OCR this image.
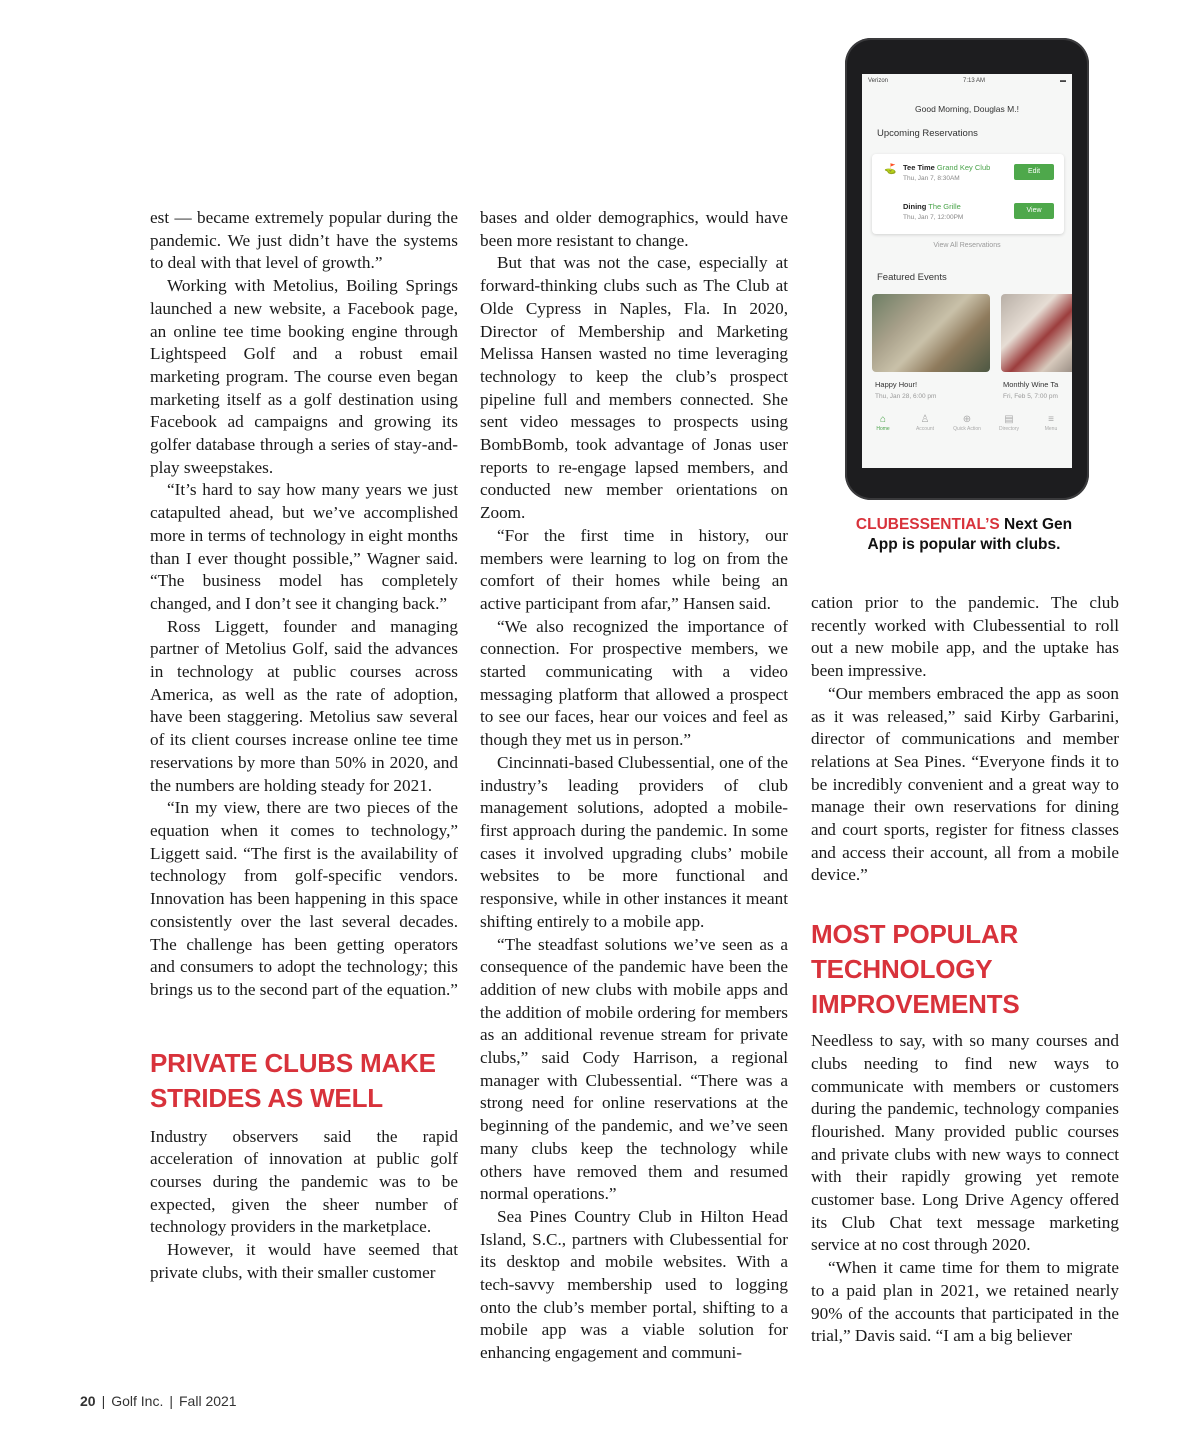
est — became extremely popular during the pandemic. We just didn’t have the systems to deal with that level of growth.”

Working with Metolius, Boiling Springs launched a new website, a Facebook page, an online tee time booking engine through Lightspeed Golf and a robust email marketing program. The course even began marketing itself as a golf destination using Facebook ad campaigns and growing its golfer database through a series of stay-and-play sweepstakes.

“It’s hard to say how many years we just catapulted ahead, but we’ve accomplished more in terms of technology in eight months than I ever thought possible,” Wagner said. “The business model has completely changed, and I don’t see it changing back.”

Ross Liggett, founder and managing partner of Metolius Golf, said the advances in technology at public courses across America, as well as the rate of adoption, have been staggering. Metolius saw several of its client courses increase online tee time reservations by more than 50% in 2020, and the numbers are holding steady for 2021.

“In my view, there are two pieces of the equation when it comes to technology,” Liggett said. “The first is the availability of technology from golf-specific vendors. Innovation has been happening in this space consistently over the last several decades. The challenge has been getting operators and consumers to adopt the technology; this brings us to the second part of the equation.”

PRIVATE CLUBS MAKE STRIDES AS WELL

Industry observers said the rapid acceleration of innovation at public golf courses during the pandemic was to be expected, given the sheer number of technology providers in the marketplace.

However, it would have seemed that private clubs, with their smaller customer

bases and older demographics, would have been more resistant to change.

But that was not the case, especially at forward-thinking clubs such as The Club at Olde Cypress in Naples, Fla. In 2020, Director of Membership and Marketing Melissa Hansen wasted no time leveraging technology to keep the club’s prospect pipeline full and members connected. She sent video messages to prospects using BombBomb, took advantage of Jonas user reports to re-engage lapsed members, and conducted new member orientations on Zoom.

“For the first time in history, our members were learning to log on from the comfort of their homes while being an active participant from afar,” Hansen said.

“We also recognized the importance of connection. For prospective members, we started communicating with a video messaging platform that allowed a prospect to see our faces, hear our voices and feel as though they met us in person.”

Cincinnati-based Clubessential, one of the industry’s leading providers of club management solutions, adopted a mobile-first approach during the pandemic. In some cases it involved upgrading clubs’ mobile websites to be more functional and responsive, while in other instances it meant shifting entirely to a mobile app.

“The steadfast solutions we’ve seen as a consequence of the pandemic have been the addition of new clubs with mobile apps and the addition of mobile ordering for members as an additional revenue stream for private clubs,” said Cody Harrison, a regional manager with Clubessential. “There was a strong need for online reservations at the beginning of the pandemic, and we’ve seen many clubs keep the technology while others have removed them and resumed normal operations.”

Sea Pines Country Club in Hilton Head Island, S.C., partners with Clubessential for its desktop and mobile websites. With a tech-savvy membership used to logging onto the club’s member portal, shifting to a mobile app was a viable solution for enhancing engagement and communi-

Verizon	7:13 AM	▬
Good Morning, Douglas M.!
Upcoming Reservations
⛳ Tee Time Grand Key Club
Thu, Jan 7, 8:30AM
Edit
Dining The Grille
Thu, Jan 7, 12:00PM
View
View All Reservations
Featured Events
Happy Hour!
Thu, Jan 28, 6:00 pm
Monthly Wine Ta
Fri, Feb 5, 7:00 pm
⌂
Home
♙
Account
⊕
Quick Action
▤
Directory
≡
Menu
CLUBESSENTIAL’S Next Gen App is popular with clubs.

cation prior to the pandemic. The club recently worked with Clubessential to roll out a new mobile app, and the uptake has been impressive.

“Our members embraced the app as soon as it was released,” said Kirby Garbarini, director of communications and member relations at Sea Pines. “Everyone finds it to be incredibly convenient and a great way to manage their own reservations for dining and court sports, register for fitness classes and access their account, all from a mobile device.”

MOST POPULAR TECHNOLOGY IMPROVEMENTS

Needless to say, with so many courses and clubs needing to find new ways to communicate with members or customers during the pandemic, technology companies flourished. Many provided public courses and private clubs with new ways to connect with their rapidly growing yet remote customer base. Long Drive Agency offered its Club Chat text message marketing service at no cost through 2020.

“When it came time for them to migrate to a paid plan in 2021, we retained nearly 90% of the accounts that participated in the trial,” Davis said. “I am a big believer

20 | Golf Inc. | Fall 2021
